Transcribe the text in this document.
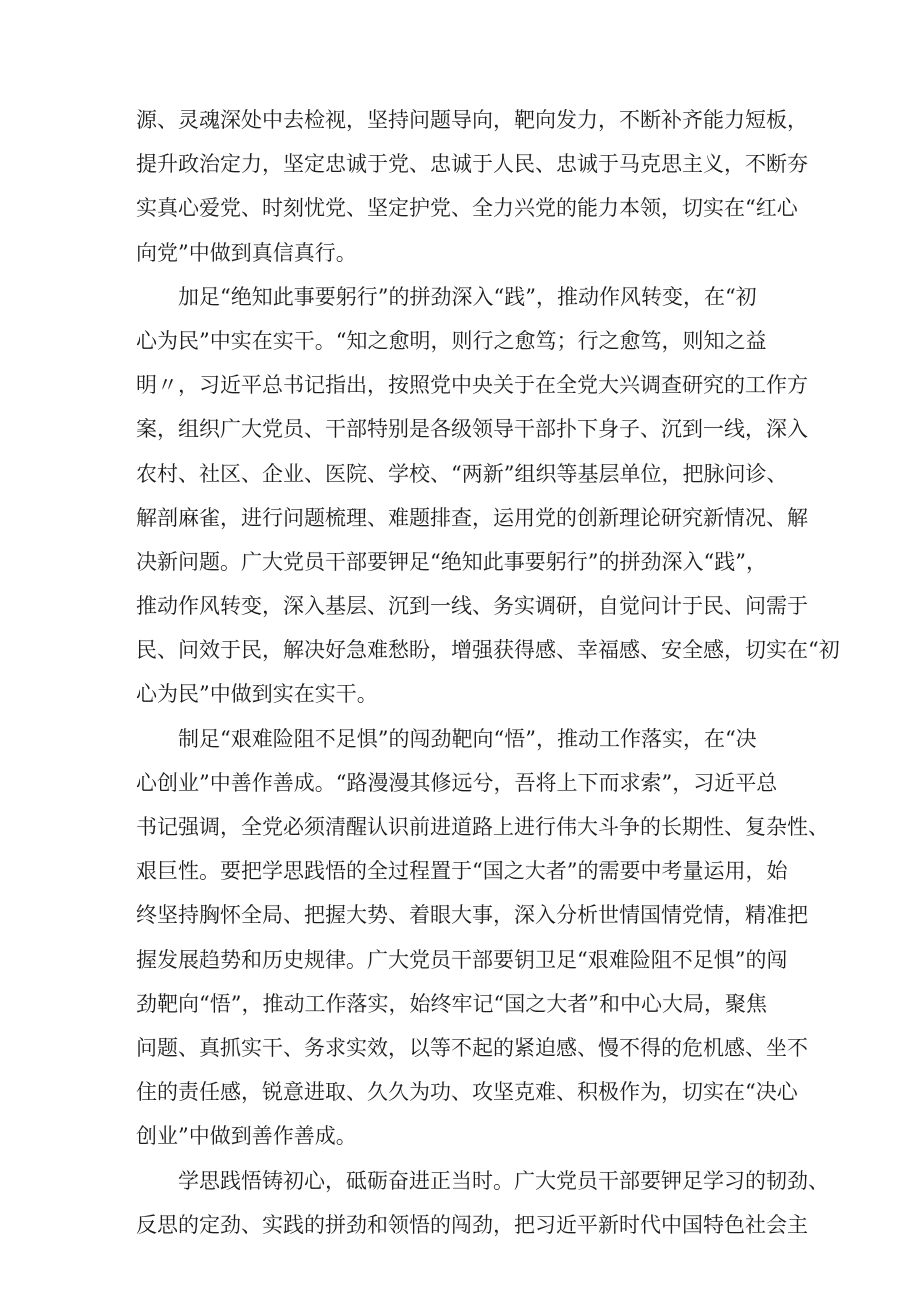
源、灵魂深处中去检视，坚持问题导向，靶向发力，不断补齐能力短板，
提升政治定力，坚定忠诚于党、忠诚于人民、忠诚于马克思主义，不断夯
实真心爱党、时刻忧党、坚定护党、全力兴党的能力本领，切实在“红心
向党”中做到真信真行。
加足“绝知此事要躬行”的拼劲深入“践”，推动作风转变，在“初
心为民”中实在实干。“知之愈明，则行之愈笃；行之愈笃，则知之益
明〃，习近平总书记指出，按照党中央关于在全党大兴调查研究的工作方
案，组织广大党员、干部特别是各级领导干部扑下身子、沉到一线，深入
农村、社区、企业、医院、学校、“两新”组织等基层单位，把脉问诊、
解剖麻雀，进行问题梳理、难题排查，运用党的创新理论研究新情况、解
决新问题。广大党员干部要钾足“绝知此事要躬行”的拼劲深入“践”，
推动作风转变，深入基层、沉到一线、务实调研，自觉问计于民、问需于
民、问效于民，解决好急难愁盼，增强获得感、幸福感、安全感，切实在“初
心为民”中做到实在实干。
制足“艰难险阻不足惧”的闯劲靶向“悟”，推动工作落实，在“决
心创业”中善作善成。“路漫漫其修远兮，吾将上下而求索”，习近平总
书记强调，全党必须清醒认识前进道路上进行伟大斗争的长期性、复杂性、
艰巨性。要把学思践悟的全过程置于“国之大者”的需要中考量运用，始
终坚持胸怀全局、把握大势、着眼大事，深入分析世情国情党情，精准把
握发展趋势和历史规律。广大党员干部要钥卫足“艰难险阻不足惧”的闯
劲靶向“悟”，推动工作落实，始终牢记“国之大者”和中心大局，聚焦
问题、真抓实干、务求实效，以等不起的紧迫感、慢不得的危机感、坐不
住的责任感，锐意进取、久久为功、攻坚克难、积极作为，切实在“决心
创业”中做到善作善成。
学思践悟铸初心，砥砺奋进正当时。广大党员干部要钾足学习的韧劲、
反思的定劲、实践的拼劲和领悟的闯劲，把习近平新时代中国特色社会主
